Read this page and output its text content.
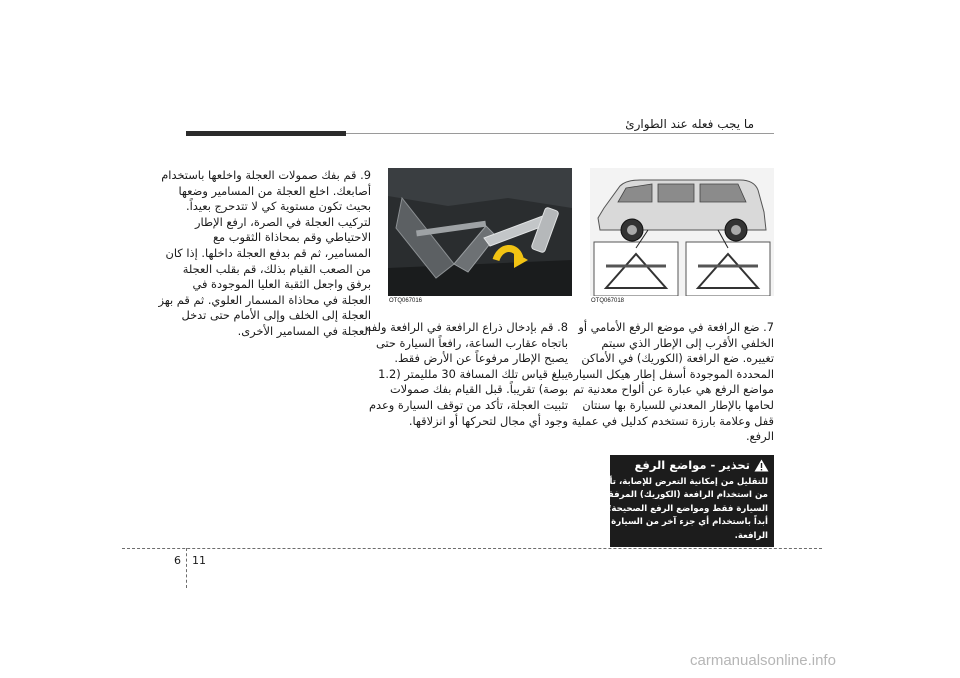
ما يجب فعله عند الطوارئ
9. قم بفك صمولات العجلة واخلعها باستخدام
أصابعك. اخلع العجلة من المسامير وضعها
بحيث تكون مستوية كي لا تتدحرج بعيداً.
لتركيب العجلة في الصرة، ارفع الإطار
الاحتياطي وقم بمحاذاة الثقوب مع
المسامير، ثم قم بدفع العجلة داخلها. إذا كان
من الصعب القيام بذلك، قم بقلب العجلة
برفق واجعل الثقبة العليا الموجودة في
العجلة في محاذاة المسمار العلوي. ثم قم بهز
العجلة إلى الخلف وإلى الأمام حتى تدخل
العجلة في المسامير الأخرى.
OTQ067016	OTQ067018
8. قم بإدخال ذراع الرافعة في الرافعة ولفه
باتجاه عقارب الساعة، رافعاً السيارة حتى
يصبح الإطار مرفوعاً عن الأرض فقط.
يبلغ قياس تلك المسافة 30 ملليمتر (1.2
بوصة) تقريباً. قبل القيام بفك صمولات
تثبيت العجلة، تأكد من توقف السيارة وعدم
وجود أي مجال لتحركها أو انزلاقها.
7. ضع الرافعة في موضع الرفع الأمامي أو
الخلفي الأقرب إلى الإطار الذي سيتم
تغييره. ضع الرافعة (الكوريك) في الأماكن
المحددة الموجودة أسفل إطار هيكل السيارة.
مواضع الرفع هي عبارة عن ألواح معدنية تم
لحامها بالإطار المعدني للسيارة بها سنتان
قفل وعلامة بارزة تستخدم كدليل في عملية
الرفع.
تحذير - مواضع الرفع
للتقليل من إمكانية التعرض للإصابة، تأكد
من استخدام الرافعة (الكوريك) المرفقة مع
السيارة فقط ومواضع الرفع الصحيحة؛ لا تقم
أبداً باستخدام أي جزء آخر من السيارة لدعم
الرافعة.
6 11
carmanualsonline.info
